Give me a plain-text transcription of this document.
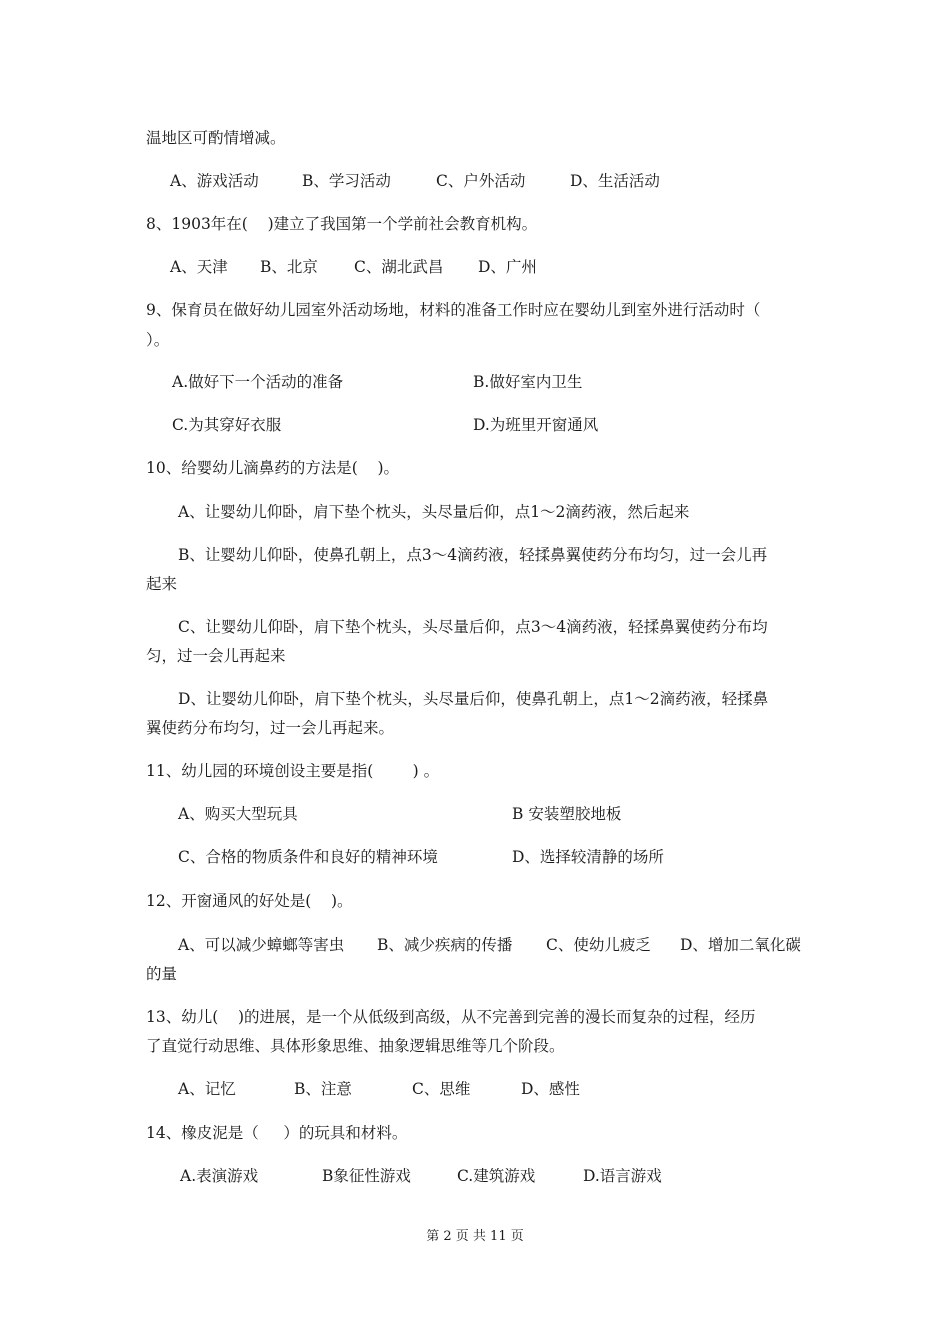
温地区可酌情增减。
A、游戏活动	B、学习活动	C、户外活动	D、生活活动
8、1903年在(    )建立了我国第一个学前社会教育机构。
A、天津 B、北京 C、湖北武昌 D、广州
9、保育员在做好幼儿园室外活动场地，材料的准备工作时应在婴幼儿到室外进行活动时（
）。
A.做好下一个活动的准备	B.做好室内卫生
C.为其穿好衣服	D.为班里开窗通风
10、给婴幼儿滴鼻药的方法是(    )。
A、让婴幼儿仰卧，肩下垫个枕头，头尽量后仰，点1～2滴药液，然后起来
B、让婴幼儿仰卧，使鼻孔朝上，点3～4滴药液，轻揉鼻翼使药分布均匀，过一会儿再
起来
C、让婴幼儿仰卧，肩下垫个枕头，头尽量后仰，点3～4滴药液，轻揉鼻翼使药分布均
匀，过一会儿再起来
D、让婴幼儿仰卧，肩下垫个枕头，头尽量后仰，使鼻孔朝上，点1～2滴药液，轻揉鼻
翼使药分布均匀，过一会儿再起来。
11、幼儿园的环境创设主要是指(        ) 。
A、购买大型玩具	B 安装塑胶地板
C、合格的物质条件和良好的精神环境	D、选择较清静的场所
12、开窗通风的好处是(    )。
A、可以减少蟑螂等害虫 B、减少疾病的传播 C、使幼儿疲乏 D、增加二氧化碳
的量
13、幼儿(    )的进展，是一个从低级到高级，从不完善到完善的漫长而复杂的过程，经历
了直觉行动思维、具体形象思维、抽象逻辑思维等几个阶段。
A、记忆	B、注意	C、思维	D、感性
14、橡皮泥是（     ）的玩具和材料。
A.表演游戏	B象征性游戏	C.建筑游戏	D.语言游戏
第 2 页 共 11 页
